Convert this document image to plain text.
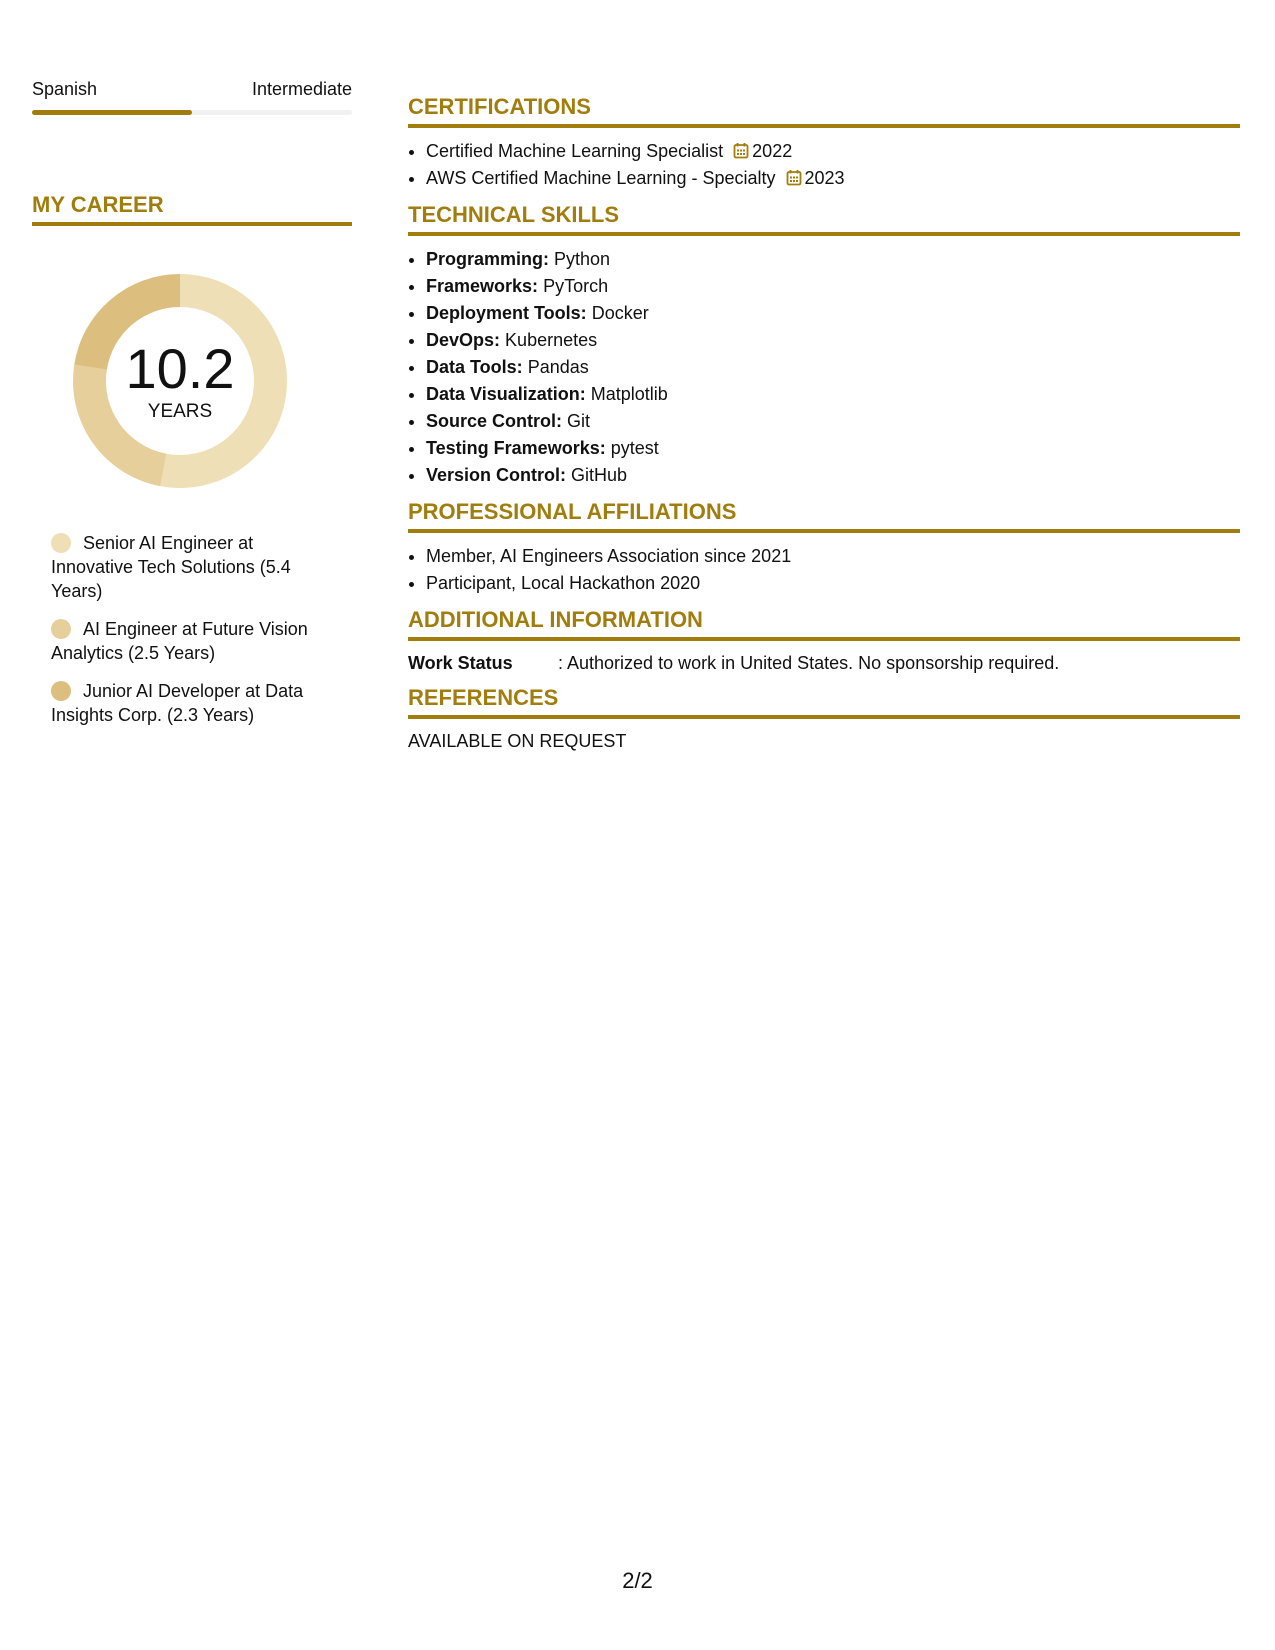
Spanish	Intermediate
MY CAREER
10.2
YEARS
Senior AI Engineer at Innovative Tech Solutions (5.4 Years)
AI Engineer at Future Vision Analytics (2.5 Years)
Junior AI Developer at Data Insights Corp. (2.3 Years)
CERTIFICATIONS
• Certified Machine Learning Specialist 2022
• AWS Certified Machine Learning - Specialty 2023
TECHNICAL SKILLS
• Programming: Python
• Frameworks: PyTorch
• Deployment Tools: Docker
• DevOps: Kubernetes
• Data Tools: Pandas
• Data Visualization: Matplotlib
• Source Control: Git
• Testing Frameworks: pytest
• Version Control: GitHub
PROFESSIONAL AFFILIATIONS
• Member, AI Engineers Association since 2021
• Participant, Local Hackathon 2020
ADDITIONAL INFORMATION
Work Status	: Authorized to work in United States. No sponsorship required.
REFERENCES
AVAILABLE ON REQUEST
2/2
